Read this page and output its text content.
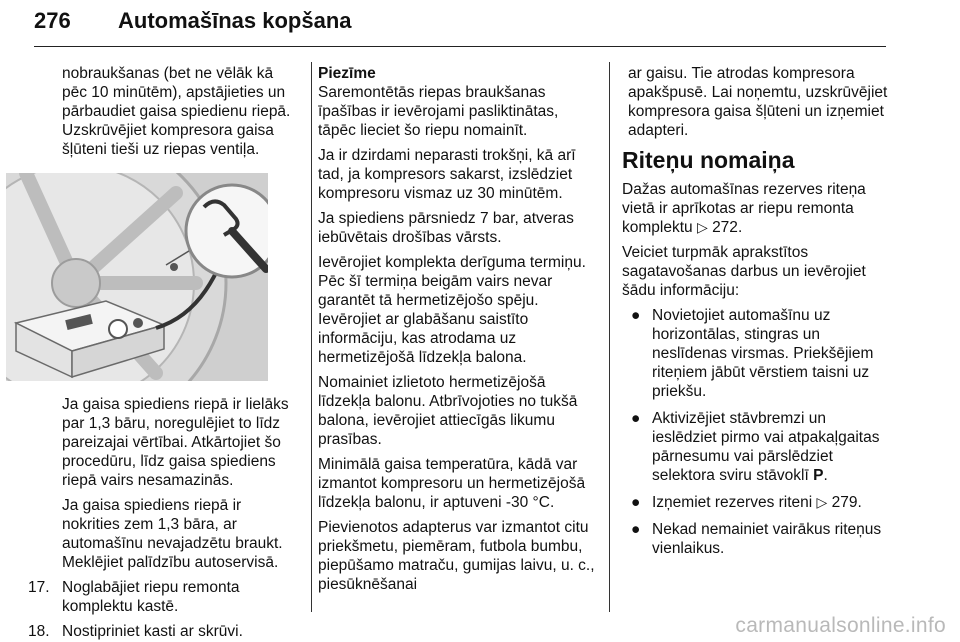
276 Automašīnas kopšana

nobraukšanas (bet ne vēlāk kā pēc 10 minūtēm), apstājieties un pārbaudiet gaisa spiedienu riepā. Uzskrūvējiet kompresora gaisa šļūteni tieši uz riepas ventiļa.

Ja gaisa spiediens riepā ir lielāks par 1,3 bāru, noregulējiet to līdz pareizajai vērtībai. Atkārtojiet šo procedūru, līdz gaisa spiediens riepā vairs nesamazinās.

Ja gaisa spiediens riepā ir nokrities zem 1,3 bāra, ar automašīnu nevajadzētu braukt. Meklējiet palīdzību autoservisā.

17. Noglabājiet riepu remonta komplektu kastē.
18. Nostipriniet kasti ar skrūvi.
Piezīme

Saremontētās riepas braukšanas īpašības ir ievērojami pasliktinātas, tāpēc lieciet šo riepu nomainīt.

Ja ir dzirdami neparasti trokšņi, kā arī tad, ja kompresors sakarst, izslēdziet kompresoru vismaz uz 30 minūtēm.

Ja spiediens pārsniedz 7 bar, atveras iebūvētais drošības vārsts.

Ievērojiet komplekta derīguma termiņu. Pēc šī termiņa beigām vairs nevar garantēt tā hermetizējošo spēju. Ievērojiet ar glabāšanu saistīto informāciju, kas atrodama uz hermetizējošā līdzekļa balona.

Nomainiet izlietoto hermetizējošā līdzekļa balonu. Atbrīvojoties no tukšā balona, ievērojiet attiecīgās likumu prasības.

Minimālā gaisa temperatūra, kādā var izmantot kompresoru un hermetizējošā līdzekļa balonu, ir aptuveni -30 °C.

Pievienotos adapterus var izmantot citu priekšmetu, piemēram, futbola bumbu, piepūšamo matraču, gumijas laivu, u. c., piesūknēšanai

ar gaisu. Tie atrodas kompresora apakšpusē. Lai noņemtu, uzskrūvējiet kompresora gaisa šļūteni un izņemiet adapteri.

Riteņu nomaiņa

Dažas automašīnas rezerves riteņa vietā ir aprīkotas ar riepu remonta komplektu ▷ 272.

Veiciet turpmāk aprakstītos sagatavošanas darbus un ievērojiet šādu informāciju:

● Novietojiet automašīnu uz horizontālas, stingras un neslīdenas virsmas. Priekšējiem riteņiem jābūt vērstiem taisni uz priekšu.
● Aktivizējiet stāvbremzi un ieslēdziet pirmo vai atpakaļgaitas pārnesumu vai pārslēdziet selektora sviru stāvoklī P.
● Izņemiet rezerves riteni ▷ 279.
● Nekad nemainiet vairākus riteņus vienlaikus.
carmanualsonline.info
